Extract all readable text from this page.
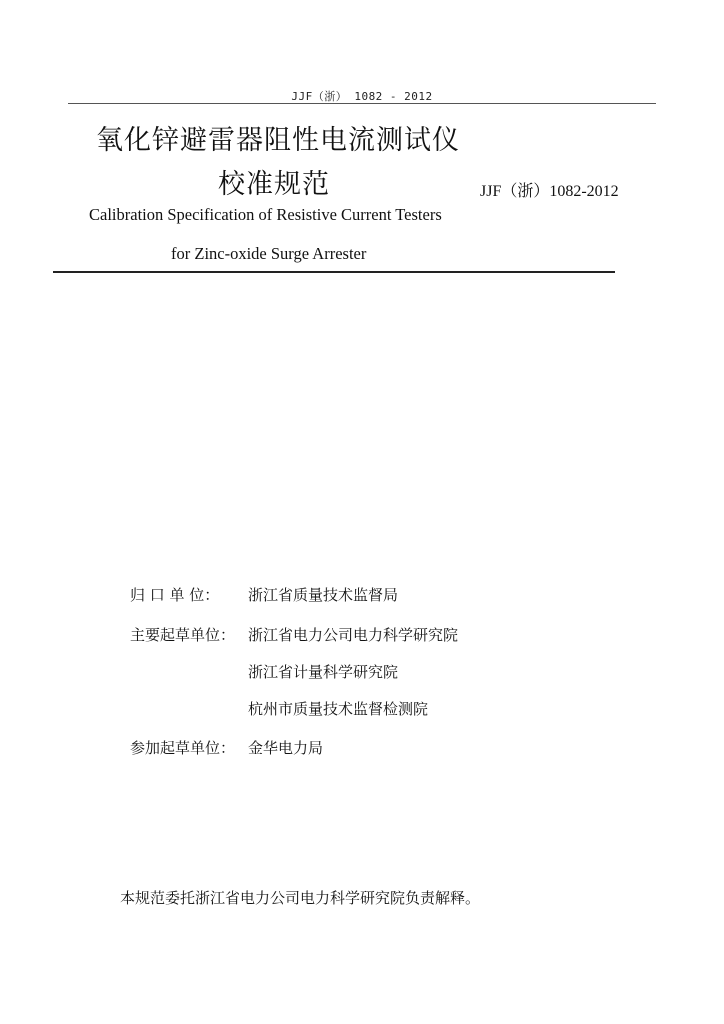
JJF（浙） 1082 - 2012
氧化锌避雷器阻性电流测试仪
校准规范	JJF（浙）1082-2012
Calibration Specification of Resistive Current Testers
for Zinc-oxide Surge Arrester
归 口 单 位： 浙江省质量技术监督局
主要起草单位： 浙江省电力公司电力科学研究院
浙江省计量科学研究院
杭州市质量技术监督检测院
参加起草单位： 金华电力局
本规范委托浙江省电力公司电力科学研究院负责解释。
